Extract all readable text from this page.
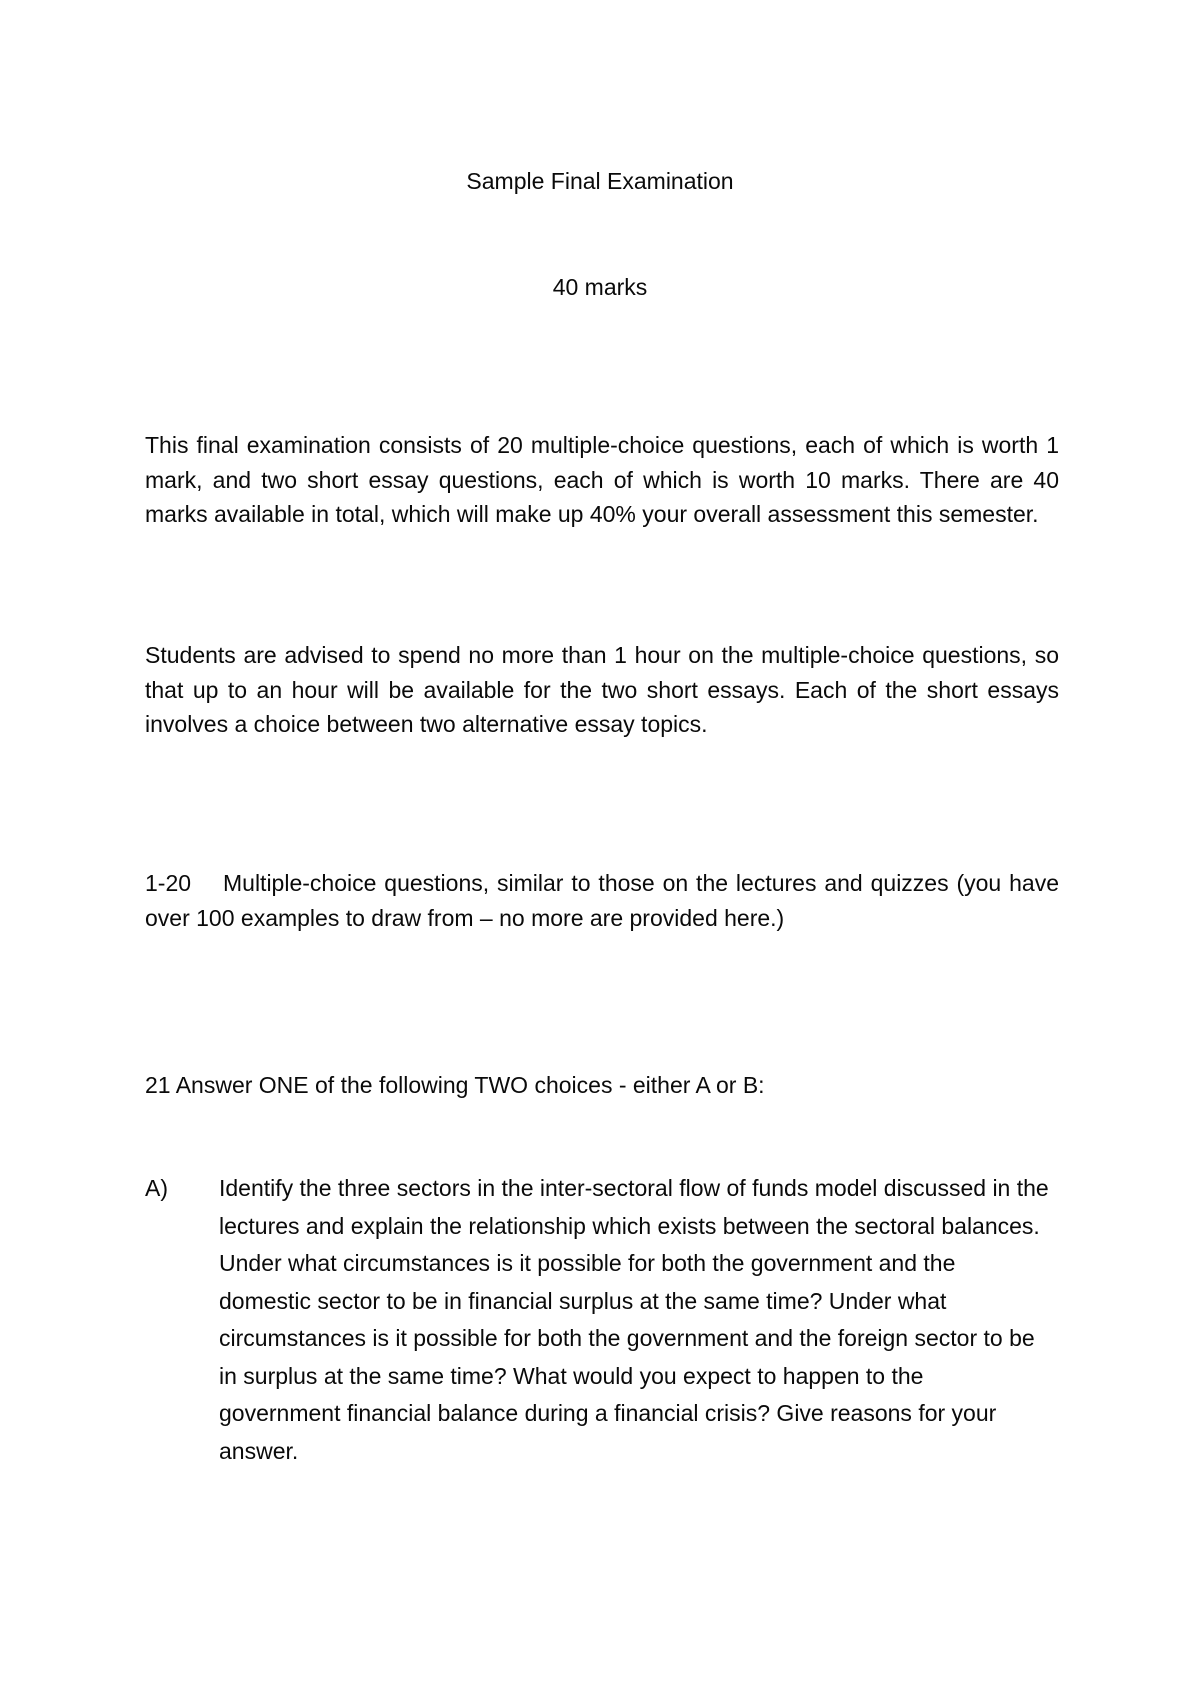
Sample Final Examination
40 marks
This final examination consists of 20 multiple-choice questions, each of which is worth 1 mark, and two short essay questions, each of which is worth 10 marks. There are 40 marks available in total, which will make up 40% your overall assessment this semester.
Students are advised to spend no more than 1 hour on the multiple-choice questions, so that up to an hour will be available for the two short essays. Each of the short essays involves a choice between two alternative essay topics.
1-20 Multiple-choice questions, similar to those on the lectures and quizzes (you have over 100 examples to draw from – no more are provided here.)
21 Answer ONE of the following TWO choices - either A or B:
A) Identify the three sectors in the inter-sectoral flow of funds model discussed in the lectures and explain the relationship which exists between the sectoral balances. Under what circumstances is it possible for both the government and the domestic sector to be in financial surplus at the same time? Under what circumstances is it possible for both the government and the foreign sector to be in surplus at the same time? What would you expect to happen to the government financial balance during a financial crisis? Give reasons for your answer.
